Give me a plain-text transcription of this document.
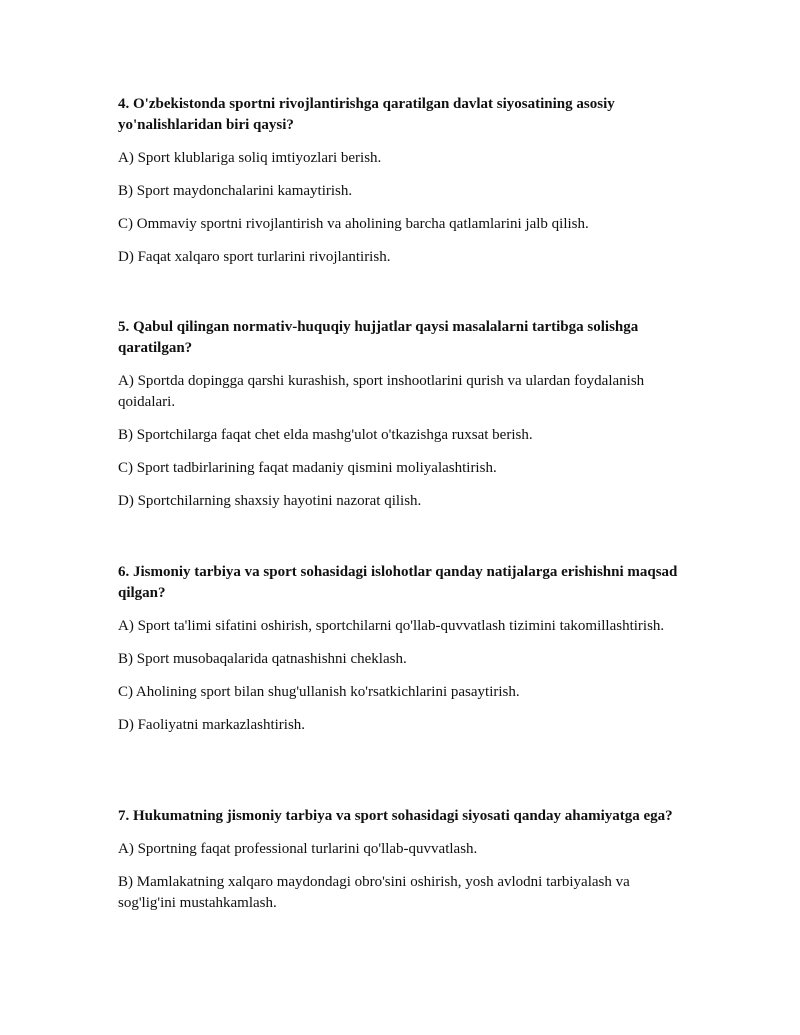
4. O'zbekistonda sportni rivojlantirishga qaratilgan davlat siyosatining asosiy yo'nalishlaridan biri qaysi?

A) Sport klublariga soliq imtiyozlari berish.

B) Sport maydonchalarini kamaytirish.

C) Ommaviy sportni rivojlantirish va aholining barcha qatlamlarini jalb qilish.

D) Faqat xalqaro sport turlarini rivojlantirish.

5. Qabul qilingan normativ-huquqiy hujjatlar qaysi masalalarni tartibga solishga qaratilgan?

A) Sportda dopingga qarshi kurashish, sport inshootlarini qurish va ulardan foydalanish qoidalari.

B) Sportchilarga faqat chet elda mashg'ulot o'tkazishga ruxsat berish.

C) Sport tadbirlarining faqat madaniy qismini moliyalashtirish.

D) Sportchilarning shaxsiy hayotini nazorat qilish.

6. Jismoniy tarbiya va sport sohasidagi islohotlar qanday natijalarga erishishni maqsad qilgan?

A) Sport ta'limi sifatini oshirish, sportchilarni qo'llab-quvvatlash tizimini takomillashtirish.

B) Sport musobaqalarida qatnashishni cheklash.

C) Aholining sport bilan shug'ullanish ko'rsatkichlarini pasaytirish.

D) Faoliyatni markazlashtirish.

7. Hukumatning jismoniy tarbiya va sport sohasidagi siyosati qanday ahamiyatga ega?

A) Sportning faqat professional turlarini qo'llab-quvvatlash.

B) Mamlakatning xalqaro maydondagi obro'sini oshirish, yosh avlodni tarbiyalash va sog'lig'ini mustahkamlash.
